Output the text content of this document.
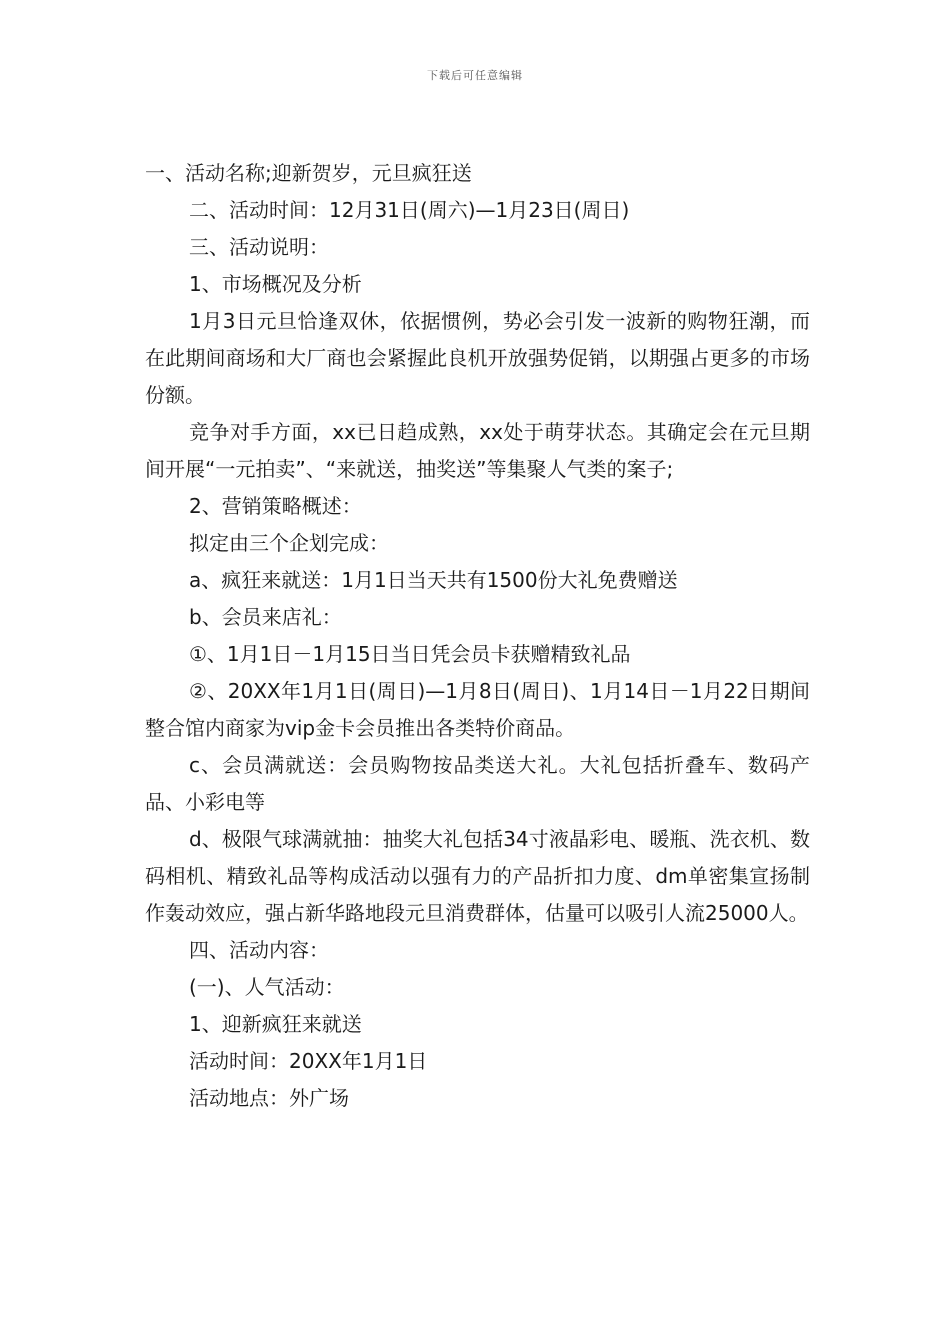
下载后可任意编辑

一、活动名称;迎新贺岁，元旦疯狂送

二、活动时间：12月31日(周六)—1月23日(周日)

三、活动说明：

1、市场概况及分析

1月3日元旦恰逢双休，依据惯例，势必会引发一波新的购物狂潮，而在此期间商场和大厂商也会紧握此良机开放强势促销，以期强占更多的市场份额。

竞争对手方面，xx已日趋成熟，xx处于萌芽状态。其确定会在元旦期间开展“一元拍卖”、“来就送，抽奖送”等集聚人气类的案子;

2、营销策略概述：

拟定由三个企划完成：

a、疯狂来就送：1月1日当天共有1500份大礼免费赠送

b、会员来店礼：

①、1月1日－1月15日当日凭会员卡获赠精致礼品

②、20XX年1月1日(周日)—1月8日(周日)、1月14日－1月22日期间整合馆内商家为vip金卡会员推出各类特价商品。

c、会员满就送：会员购物按品类送大礼。大礼包括折叠车、数码产品、小彩电等

d、极限气球满就抽：抽奖大礼包括34寸液晶彩电、暖瓶、洗衣机、数码相机、精致礼品等构成活动以强有力的产品折扣力度、dm单密集宣扬制作轰动效应，强占新华路地段元旦消费群体，估量可以吸引人流25000人。

四、活动内容：

(一)、人气活动：

1、迎新疯狂来就送

活动时间：20XX年1月1日

活动地点：外广场
